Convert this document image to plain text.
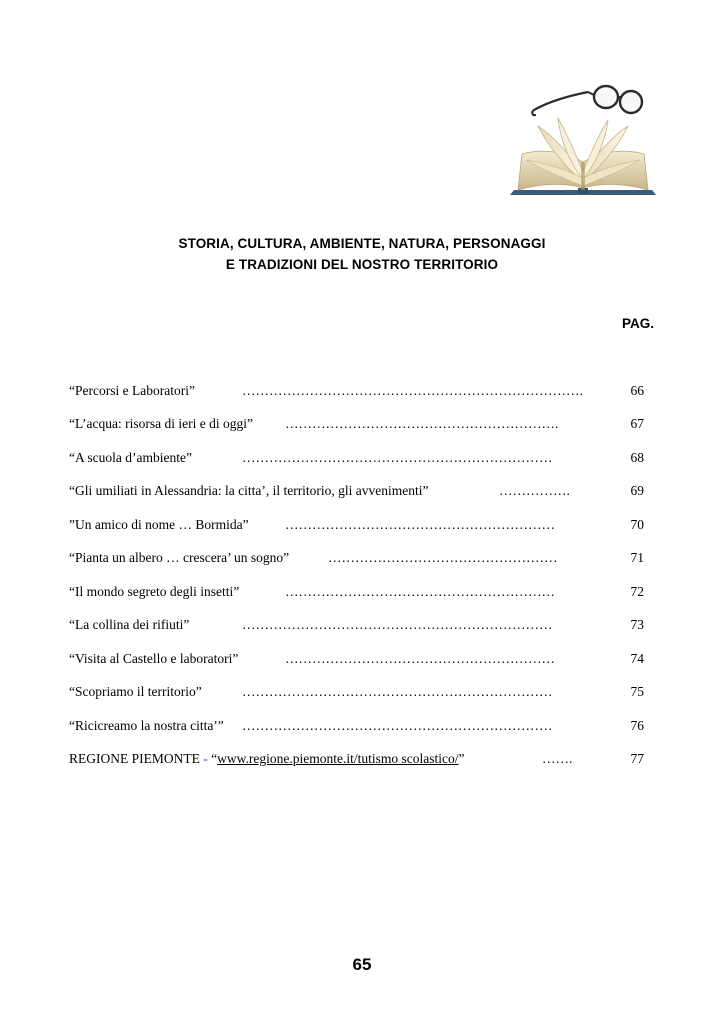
STORIA, CULTURA, AMBIENTE, NATURA, PERSONAGGI
E TRADIZIONI DEL NOSTRO TERRITORIO
PAG.
“Percorsi e Laboratori”	………………………………………………………………….	66
“L’acqua: risorsa di ieri e di oggi” …………………………………………………….	67
“A scuola d’ambiente”	……………………………………………………………	68
“Gli umiliati in Alessandria: la citta’, il territorio, gli avvenimenti”	…………….	69
”Un amico di nome … Bormida”	……………………………………………………	70
“Pianta un albero … crescera’ un sogno”	……………………………………………	71
“Il mondo segreto degli insetti”	……………………………………………………	72
“La collina dei rifiuti”	……………………………………………………………	73
“Visita al Castello e laboratori”	……………………………………………………	74
“Scopriamo il territorio”	……………………………………………………………	75
“Ricicreamo la nostra citta’” ……………………………………………………………	76
REGIONE PIEMONTE - “www.regione.piemonte.it/tutismo scolastico/”	…….	77
65
